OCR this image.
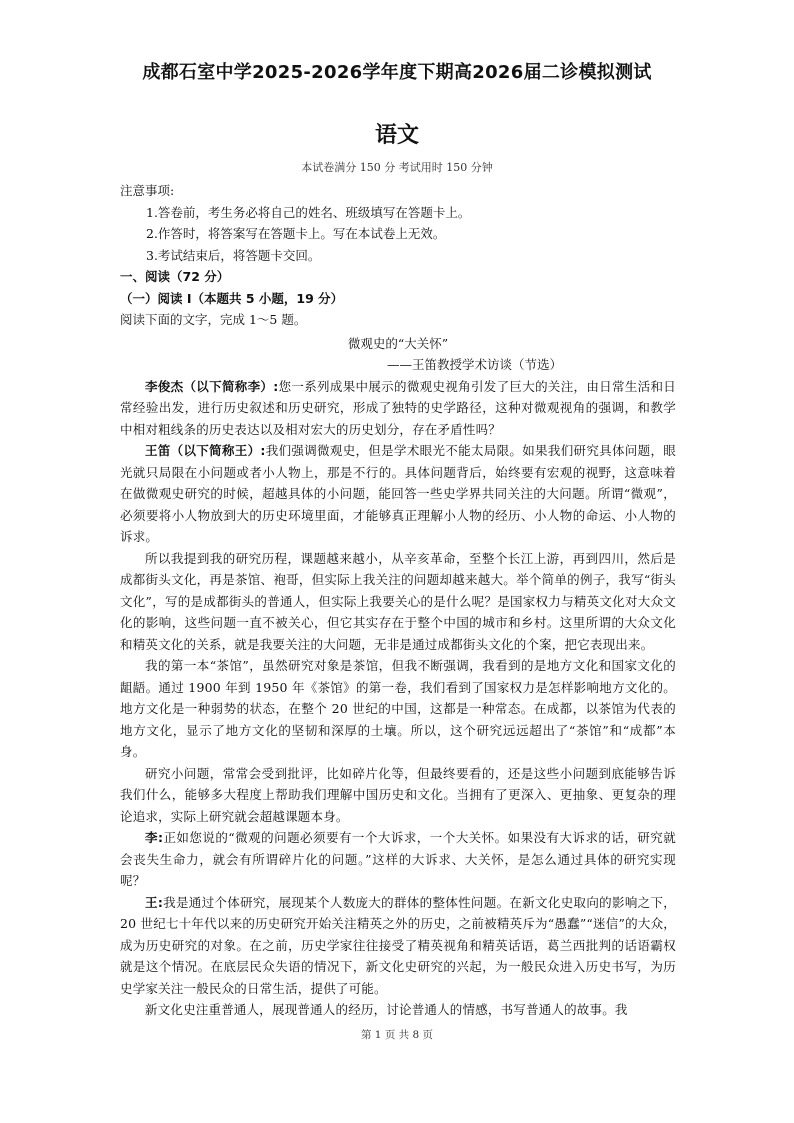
成都石室中学2025-2026学年度下期高2026届二诊模拟测试
语文
本试卷满分 150 分 考试用时 150 分钟

注意事项:

1.答卷前，考生务必将自己的姓名、班级填写在答题卡上。

2.作答时，将答案写在答题卡上。写在本试卷上无效。

3.考试结束后，将答题卡交回。

一、阅读（72 分）

（一）阅读 I（本题共 5 小题，19 分）

阅读下面的文字，完成 1～5 题。

微观史的“大关怀”

——王笛教授学术访谈（节选）

李俊杰（以下简称李）:您一系列成果中展示的微观史视角引发了巨大的关注，由日常生活和日常经验出发，进行历史叙述和历史研究，形成了独特的史学路径，这种对微观视角的强调，和教学中相对粗线条的历史表达以及相对宏大的历史划分，存在矛盾性吗？

王笛（以下简称王）:我们强调微观史，但是学术眼光不能太局限。如果我们研究具体问题，眼光就只局限在小问题或者小人物上，那是不行的。具体问题背后，始终要有宏观的视野，这意味着在做微观史研究的时候，超越具体的小问题，能回答一些史学界共同关注的大问题。所谓“微观”，必须要将小人物放到大的历史环境里面，才能够真正理解小人物的经历、小人物的命运、小人物的诉求。

所以我提到我的研究历程，课题越来越小，从辛亥革命，至整个长江上游，再到四川，然后是成都街头文化，再是茶馆、袍哥，但实际上我关注的问题却越来越大。举个简单的例子，我写“街头文化”，写的是成都街头的普通人，但实际上我要关心的是什么呢？是国家权力与精英文化对大众文化的影响，这些问题一直不被关心，但它其实存在于整个中国的城市和乡村。这里所谓的大众文化和精英文化的关系，就是我要关注的大问题，无非是通过成都街头文化的个案，把它表现出来。

我的第一本“茶馆”，虽然研究对象是茶馆，但我不断强调，我看到的是地方文化和国家文化的龃龉。通过 1900 年到 1950 年《茶馆》的第一卷，我们看到了国家权力是怎样影响地方文化的。地方文化是一种弱势的状态，在整个 20 世纪的中国，这都是一种常态。在成都，以茶馆为代表的地方文化，显示了地方文化的坚韧和深厚的土壤。所以，这个研究远远超出了“茶馆”和“成都”本身。

研究小问题，常常会受到批评，比如碎片化等，但最终要看的，还是这些小问题到底能够告诉我们什么，能够多大程度上帮助我们理解中国历史和文化。当拥有了更深入、更抽象、更复杂的理论追求，实际上研究就会超越课题本身。

李:正如您说的“微观的问题必须要有一个大诉求，一个大关怀。如果没有大诉求的话，研究就会丧失生命力，就会有所谓碎片化的问题。”这样的大诉求、大关怀，是怎么通过具体的研究实现呢？

王:我是通过个体研究，展现某个人数庞大的群体的整体性问题。在新文化史取向的影响之下，20 世纪七十年代以来的历史研究开始关注精英之外的历史，之前被精英斥为“愚蠢”“迷信”的大众，成为历史研究的对象。在之前，历史学家往往接受了精英视角和精英话语，葛兰西批判的话语霸权就是这个情况。在底层民众失语的情况下，新文化史研究的兴起，为一般民众进入历史书写，为历史学家关注一般民众的日常生活，提供了可能。

新文化史注重普通人，展现普通人的经历，讨论普通人的情感，书写普通人的故事。我

第 1 页 共 8 页
